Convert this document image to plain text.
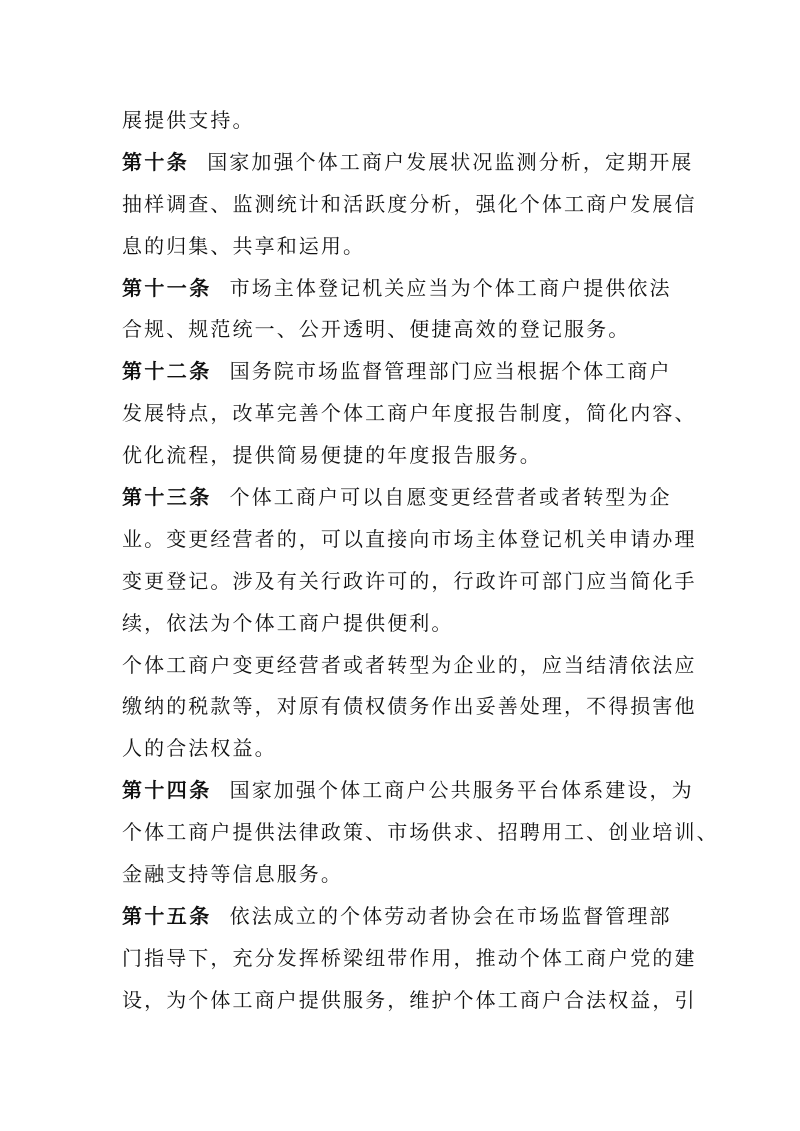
展提供支持。
第十条 国家加强个体工商户发展状况监测分析，定期开展
抽样调查、监测统计和活跃度分析，强化个体工商户发展信
息的归集、共享和运用。
第十一条 市场主体登记机关应当为个体工商户提供依法
合规、规范统一、公开透明、便捷高效的登记服务。
第十二条 国务院市场监督管理部门应当根据个体工商户
发展特点，改革完善个体工商户年度报告制度，简化内容、
优化流程，提供简易便捷的年度报告服务。
第十三条 个体工商户可以自愿变更经营者或者转型为企
业。变更经营者的，可以直接向市场主体登记机关申请办理
变更登记。涉及有关行政许可的，行政许可部门应当简化手
续，依法为个体工商户提供便利。
个体工商户变更经营者或者转型为企业的，应当结清依法应
缴纳的税款等，对原有债权债务作出妥善处理，不得损害他
人的合法权益。
第十四条 国家加强个体工商户公共服务平台体系建设，为
个体工商户提供法律政策、市场供求、招聘用工、创业培训、
金融支持等信息服务。
第十五条 依法成立的个体劳动者协会在市场监督管理部
门指导下，充分发挥桥梁纽带作用，推动个体工商户党的建
设，为个体工商户提供服务，维护个体工商户合法权益，引
